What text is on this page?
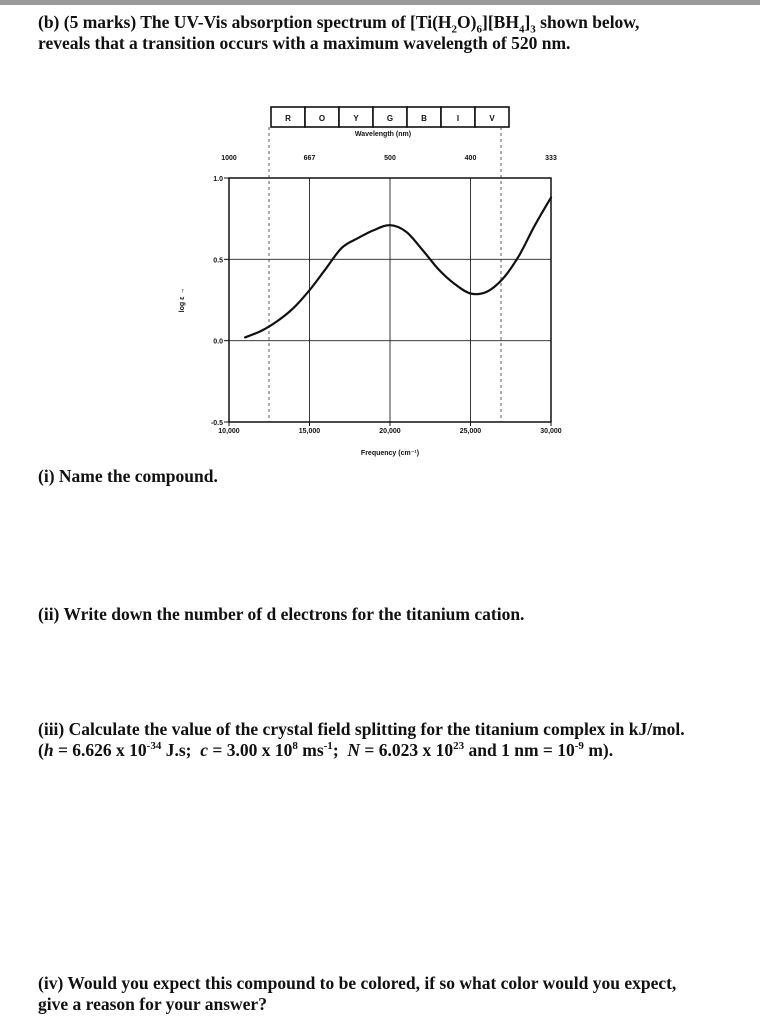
(b) (5 marks) The UV-Vis absorption spectrum of $[Ti(H_2O)_6][BH_4]_3$ shown below,
reveals that a transition occurs with a maximum wavelength of 520 nm.
R	O	Y	G	B	I	V
Wavelength (nm)
1000	667	500	400	333
1.0
0.5
0.0
-0.5
10,000	15,000	20,000	25,000	30,000
log ε →
Frequency (cm⁻¹)
(i) Name the compound.
(ii) Write down the number of d electrons for the titanium cation.
(iii) Calculate the value of the crystal field splitting for the titanium complex in kJ/mol.
(h = 6.626 x $10^{-34}$ J.s; c = 3.00 x $10^8$ $ms^{-1}$; N = 6.023 x $10^{23}$ and 1 nm = $10^{-9}$ m).
(iv) Would you expect this compound to be colored, if so what color would you expect,
give a reason for your answer?
